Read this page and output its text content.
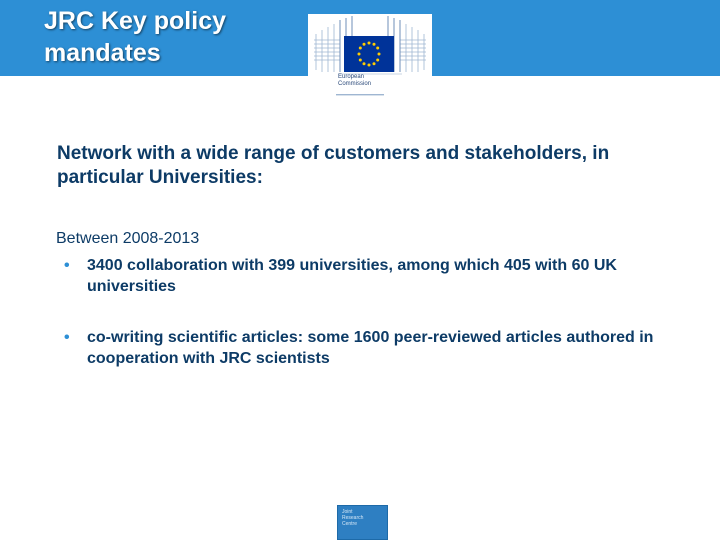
JRC Key policy
mandates
European
Commission

Network with a wide range of customers and stakeholders, in particular Universities:

Between 2008-2013

• 3400 collaboration with 399 universities, among which 405 with 60 UK universities
• co-writing scientific articles: some 1600 peer-reviewed articles authored in cooperation with JRC scientists
Joint
Research
Centre
